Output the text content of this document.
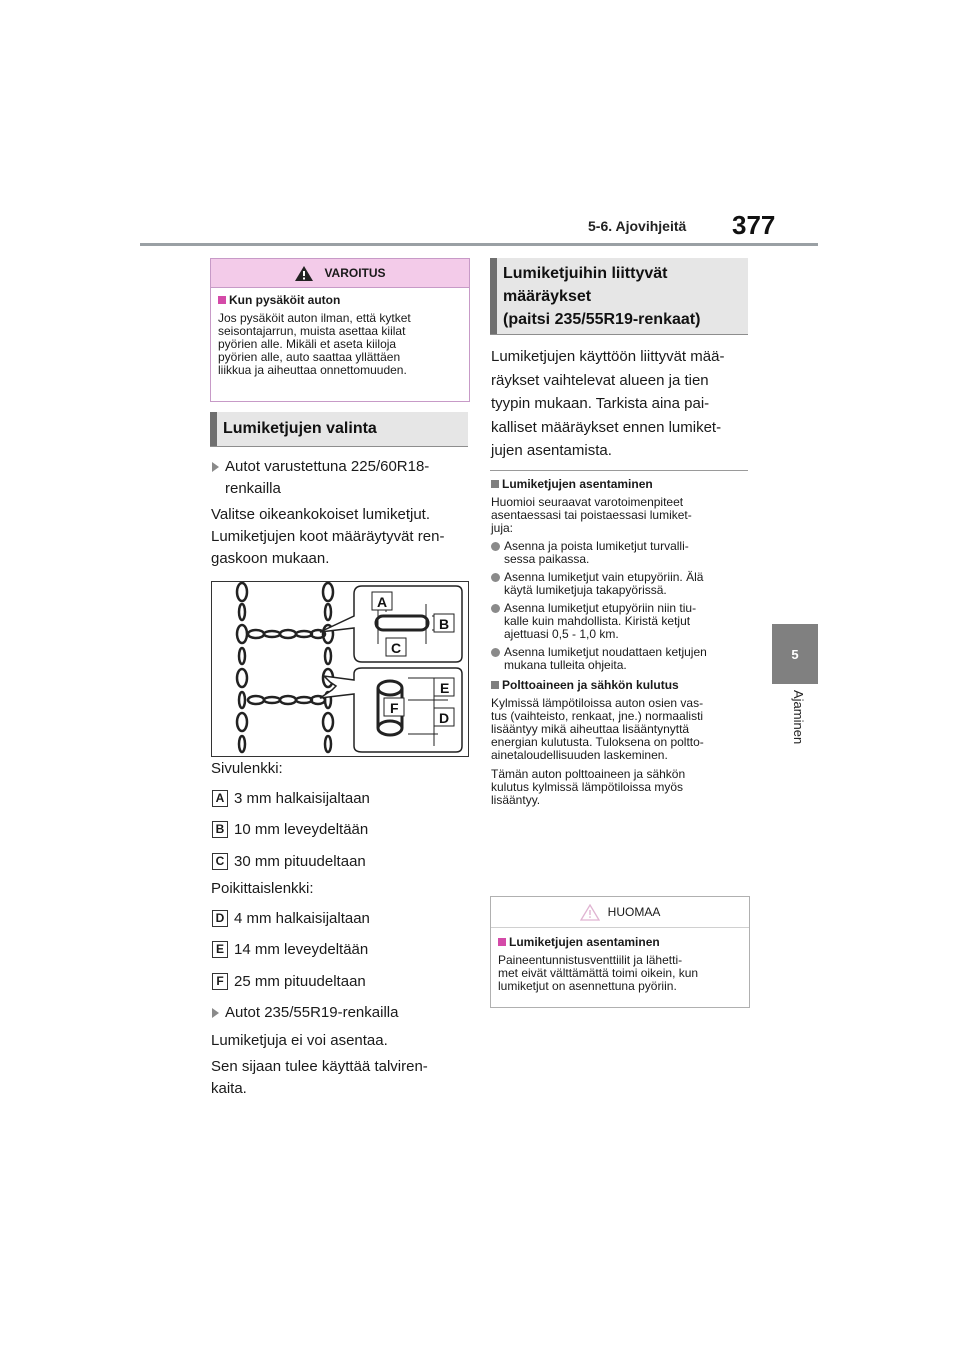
5-6. Ajovihjeitä 377
5
Ajaminen
VAROITUS
Kun pysäköit auton
Jos pysäköit auton ilman, että kytket
seisontajarrun, muista asettaa kiilat
pyörien alle. Mikäli et aseta kiiloja
pyörien alle, auto saattaa yllättäen
liikkua ja aiheuttaa onnettomuuden.
Lumiketjujen valinta
Autot varustettuna 225/60R18-
renkailla
Valitse oikeankokoiset lumiketjut.
Lumiketjujen koot määräytyvät ren-
gaskoon mukaan.
A
B
C
E
F
D
Sivulenkki:
A 3 mm halkaisijaltaan
B 10 mm leveydeltään
C 30 mm pituudeltaan
Poikittaislenkki:
D 4 mm halkaisijaltaan
E 14 mm leveydeltään
F 25 mm pituudeltaan
Autot 235/55R19-renkailla
Lumiketjuja ei voi asentaa.
Sen sijaan tulee käyttää talviren-
kaita.
Lumiketjuihin liittyvät
määräykset
(paitsi 235/55R19-renkaat)
Lumiketjujen käyttöön liittyvät mää-
räykset vaihtelevat alueen ja tien
tyypin mukaan. Tarkista aina pai-
kalliset määräykset ennen lumiket-
jujen asentamista.
Lumiketjujen asentaminen
Huomioi seuraavat varotoimenpiteet
asentaessasi tai poistaessasi lumiket-
juja:
Asenna ja poista lumiketjut turvalli-
sessa paikassa.
Asenna lumiketjut vain etupyöriin. Älä
käytä lumiketjuja takapyörissä.
Asenna lumiketjut etupyöriin niin tiu-
kalle kuin mahdollista. Kiristä ketjut
ajettuasi 0,5 - 1,0 km.
Asenna lumiketjut noudattaen ketjujen
mukana tulleita ohjeita.
Polttoaineen ja sähkön kulutus
Kylmissä lämpötiloissa auton osien vas-
tus (vaihteisto, renkaat, jne.) normaalisti
lisääntyy mikä aiheuttaa lisääntynyttä
energian kulutusta. Tuloksena on poltto-
ainetaloudellisuuden laskeminen.
Tämän auton polttoaineen ja sähkön
kulutus kylmissä lämpötiloissa myös
lisääntyy.
HUOMAA
Lumiketjujen asentaminen
Paineentunnistusventtiilit ja lähetti-
met eivät välttämättä toimi oikein, kun
lumiketjut on asennettuna pyöriin.
